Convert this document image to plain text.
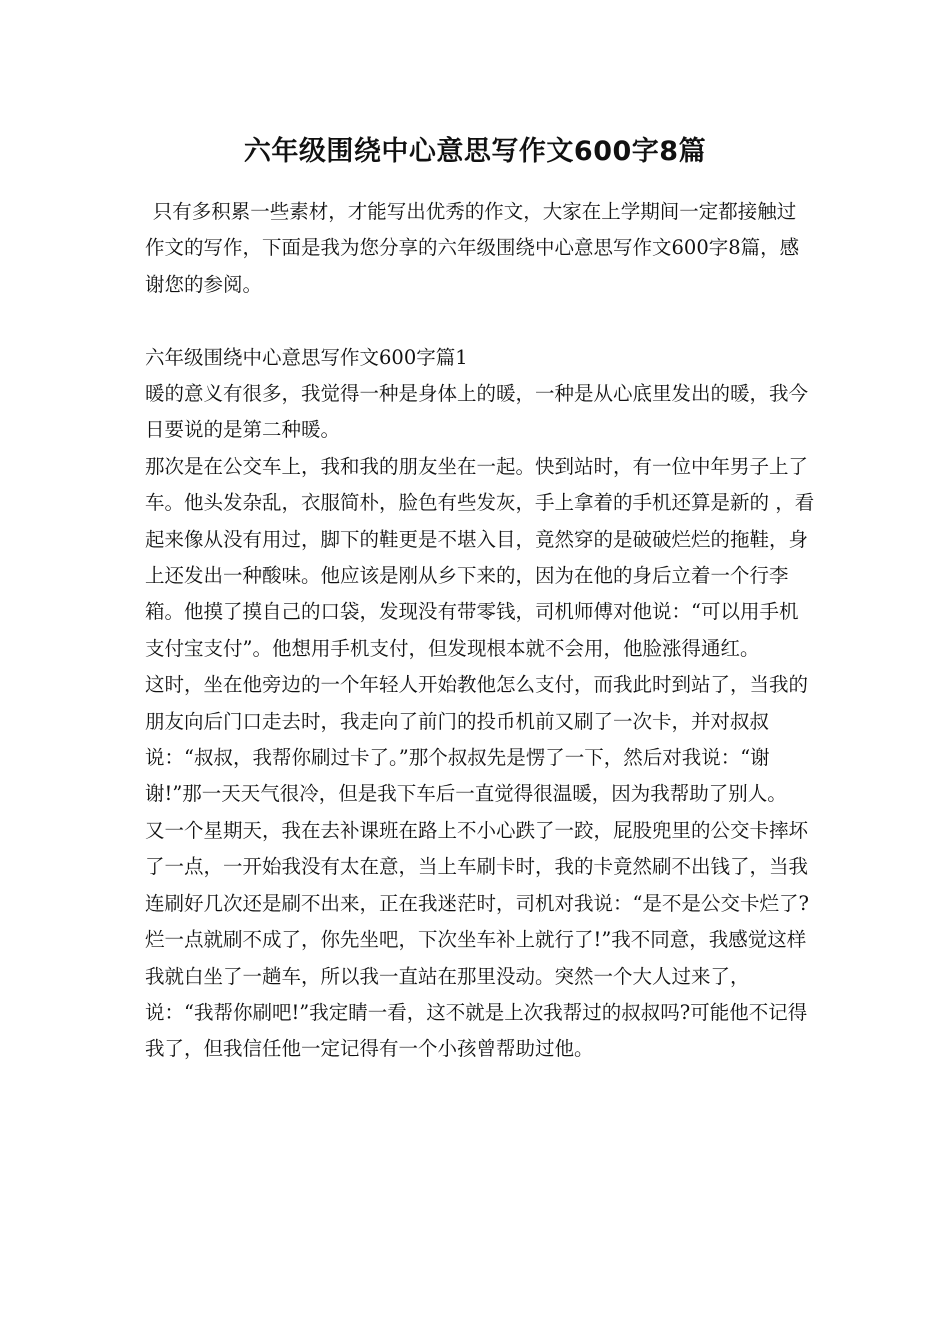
六年级围绕中心意思写作文600字8篇

只有多积累一些素材，才能写出优秀的作文，大家在上学期间一定都接触过作文的写作，下面是我为您分享的六年级围绕中心意思写作文600字8篇，感谢您的参阅。

六年级围绕中心意思写作文600字篇1

暖的意义有很多，我觉得一种是身体上的暖，一种是从心底里发出的暖，我今日要说的是第二种暖。

那次是在公交车上，我和我的朋友坐在一起。快到站时，有一位中年男子上了车。他头发杂乱，衣服简朴，脸色有些发灰，手上拿着的手机还算是新的 ，看起来像从没有用过，脚下的鞋更是不堪入目，竟然穿的是破破烂烂的拖鞋，身上还发出一种酸味。他应该是刚从乡下来的，因为在他的身后立着一个行李箱。他摸了摸自己的口袋，发现没有带零钱，司机师傅对他说：“可以用手机支付宝支付”。他想用手机支付，但发现根本就不会用，他脸涨得通红。

这时，坐在他旁边的一个年轻人开始教他怎么支付，而我此时到站了，当我的朋友向后门口走去时，我走向了前门的投币机前又刷了一次卡，并对叔叔说：“叔叔，我帮你刷过卡了。”那个叔叔先是愣了一下，然后对我说：“谢谢!”那一天天气很冷，但是我下车后一直觉得很温暖，因为我帮助了别人。

又一个星期天，我在去补课班在路上不小心跌了一跤，屁股兜里的公交卡摔坏了一点，一开始我没有太在意，当上车刷卡时，我的卡竟然刷不出钱了，当我连刷好几次还是刷不出来，正在我迷茫时，司机对我说：“是不是公交卡烂了?烂一点就刷不成了，你先坐吧，下次坐车补上就行了!”我不同意，我感觉这样我就白坐了一趟车，所以我一直站在那里没动。突然一个大人过来了，说：“我帮你刷吧!”我定睛一看，这不就是上次我帮过的叔叔吗?可能他不记得我了，但我信任他一定记得有一个小孩曾帮助过他。
